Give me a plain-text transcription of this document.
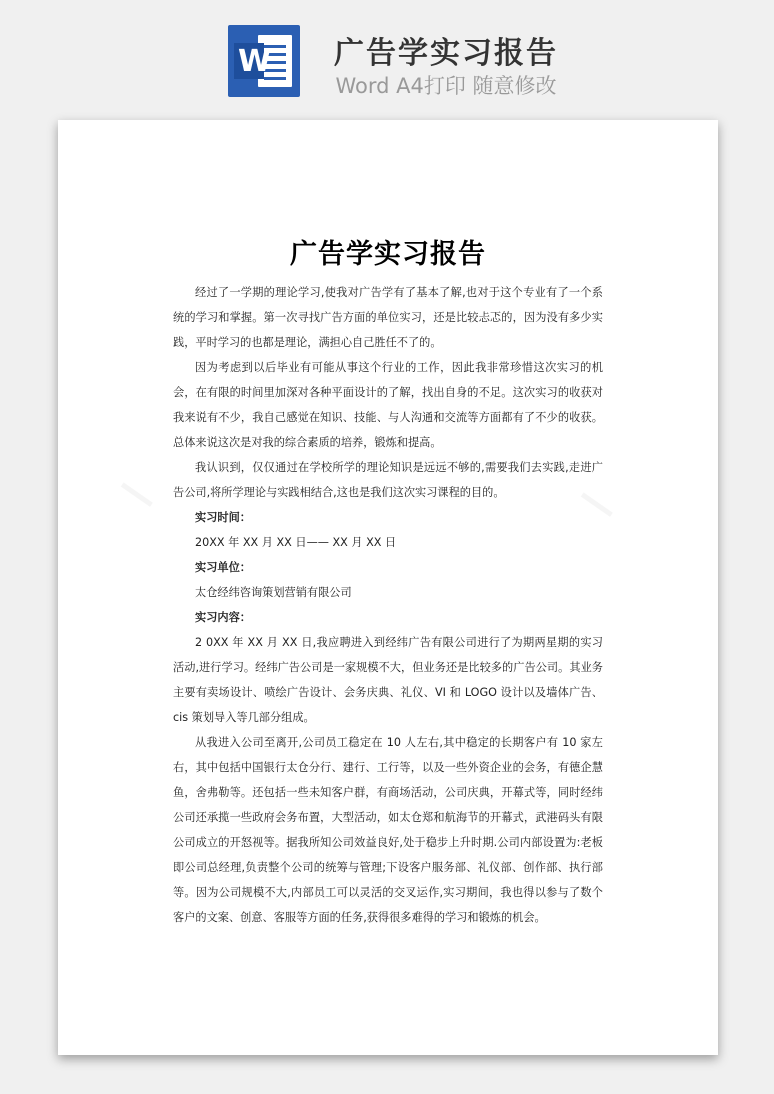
W	广告学实习报告
Word A4打印 随意修改
广告学实习报告

经过了一学期的理论学习,使我对广告学有了基本了解,也对于这个专业有了一个系统的学习和掌握。第一次寻找广告方面的单位实习，还是比较忐忑的，因为没有多少实践，平时学习的也都是理论，满担心自己胜任不了的。

因为考虑到以后毕业有可能从事这个行业的工作，因此我非常珍惜这次实习的机会，在有限的时间里加深对各种平面设计的了解，找出自身的不足。这次实习的收获对我来说有不少，我自己感觉在知识、技能、与人沟通和交流等方面都有了不少的收获。总体来说这次是对我的综合素质的培养，锻炼和提高。

我认识到，仅仅通过在学校所学的理论知识是远远不够的,需要我们去实践,走进广告公司,将所学理论与实践相结合,这也是我们这次实习课程的目的。

实习时间：

20XX 年 XX 月 XX 日—— XX 月 XX 日

实习单位：

太仓经纬咨询策划营销有限公司

实习内容：

2 0XX 年 XX 月 XX 日,我应聘进入到经纬广告有限公司进行了为期两星期的实习活动,进行学习。经纬广告公司是一家规模不大，但业务还是比较多的广告公司。其业务主要有卖场设计、喷绘广告设计、会务庆典、礼仪、VI 和 LOGO 设计以及墙体广告、cis 策划导入等几部分组成。

从我进入公司至离开,公司员工稳定在 10 人左右,其中稳定的长期客户有 10 家左右，其中包括中国银行太仓分行、建行、工行等，以及一些外资企业的会务，有德企慧鱼，舍弗勒等。还包括一些未知客户群，有商场活动，公司庆典，开幕式等，同时经纬公司还承揽一些政府会务布置，大型活动，如太仓郑和航海节的开幕式，武港码头有限公司成立的开怒视等。据我所知公司效益良好,处于稳步上升时期.公司内部设置为:老板即公司总经理,负责整个公司的统筹与管理;下设客户服务部、礼仪部、创作部、执行部等。因为公司规模不大,内部员工可以灵活的交叉运作,实习期间，我也得以参与了数个客户的文案、创意、客服等方面的任务,获得很多难得的学习和锻炼的机会。
